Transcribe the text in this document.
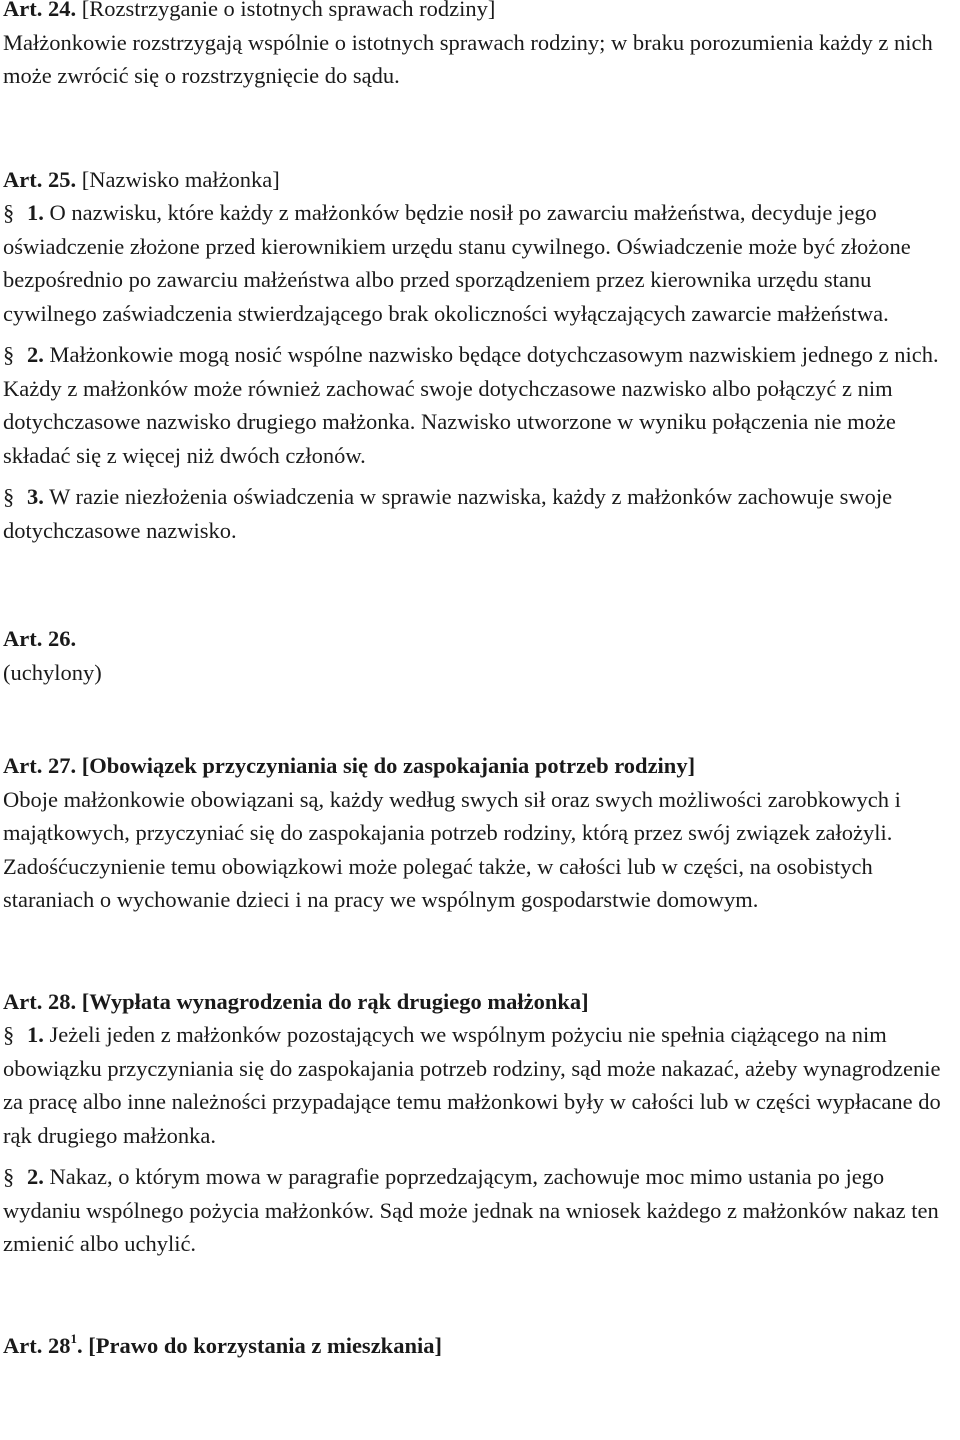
Art. 24. [Rozstrzyganie o istotnych sprawach rodziny]
Małżonkowie rozstrzygają wspólnie o istotnych sprawach rodziny; w braku porozumienia każdy z nich może zwrócić się o rozstrzygnięcie do sądu.
Art. 25. [Nazwisko małżonka]
§ 1. O nazwisku, które każdy z małżonków będzie nosił po zawarciu małżeństwa, decyduje jego oświadczenie złożone przed kierownikiem urzędu stanu cywilnego. Oświadczenie może być złożone bezpośrednio po zawarciu małżeństwa albo przed sporządzeniem przez kierownika urzędu stanu cywilnego zaświadczenia stwierdzającego brak okoliczności wyłączających zawarcie małżeństwa.
§ 2. Małżonkowie mogą nosić wspólne nazwisko będące dotychczasowym nazwiskiem jednego z nich. Każdy z małżonków może również zachować swoje dotychczasowe nazwisko albo połączyć z nim dotychczasowe nazwisko drugiego małżonka. Nazwisko utworzone w wyniku połączenia nie może składać się z więcej niż dwóch członów.
§ 3. W razie niezłożenia oświadczenia w sprawie nazwiska, każdy z małżonków zachowuje swoje dotychczasowe nazwisko.
Art. 26.
(uchylony)
Art. 27. [Obowiązek przyczyniania się do zaspokajania potrzeb rodziny]
Oboje małżonkowie obowiązani są, każdy według swych sił oraz swych możliwości zarobkowych i majątkowych, przyczyniać się do zaspokajania potrzeb rodziny, którą przez swój związek założyli. Zadośćuczynienie temu obowiązkowi może polegać także, w całości lub w części, na osobistych staraniach o wychowanie dzieci i na pracy we wspólnym gospodarstwie domowym.
Art. 28. [Wypłata wynagrodzenia do rąk drugiego małżonka]
§ 1. Jeżeli jeden z małżonków pozostających we wspólnym pożyciu nie spełnia ciążącego na nim obowiązku przyczyniania się do zaspokajania potrzeb rodziny, sąd może nakazać, ażeby wynagrodzenie za pracę albo inne należności przypadające temu małżonkowi były w całości lub w części wypłacane do rąk drugiego małżonka.
§ 2. Nakaz, o którym mowa w paragrafie poprzedzającym, zachowuje moc mimo ustania po jego wydaniu wspólnego pożycia małżonków. Sąd może jednak na wniosek każdego z małżonków nakaz ten zmienić albo uchylić.
Art. $28^1$. [Prawo do korzystania z mieszkania]
